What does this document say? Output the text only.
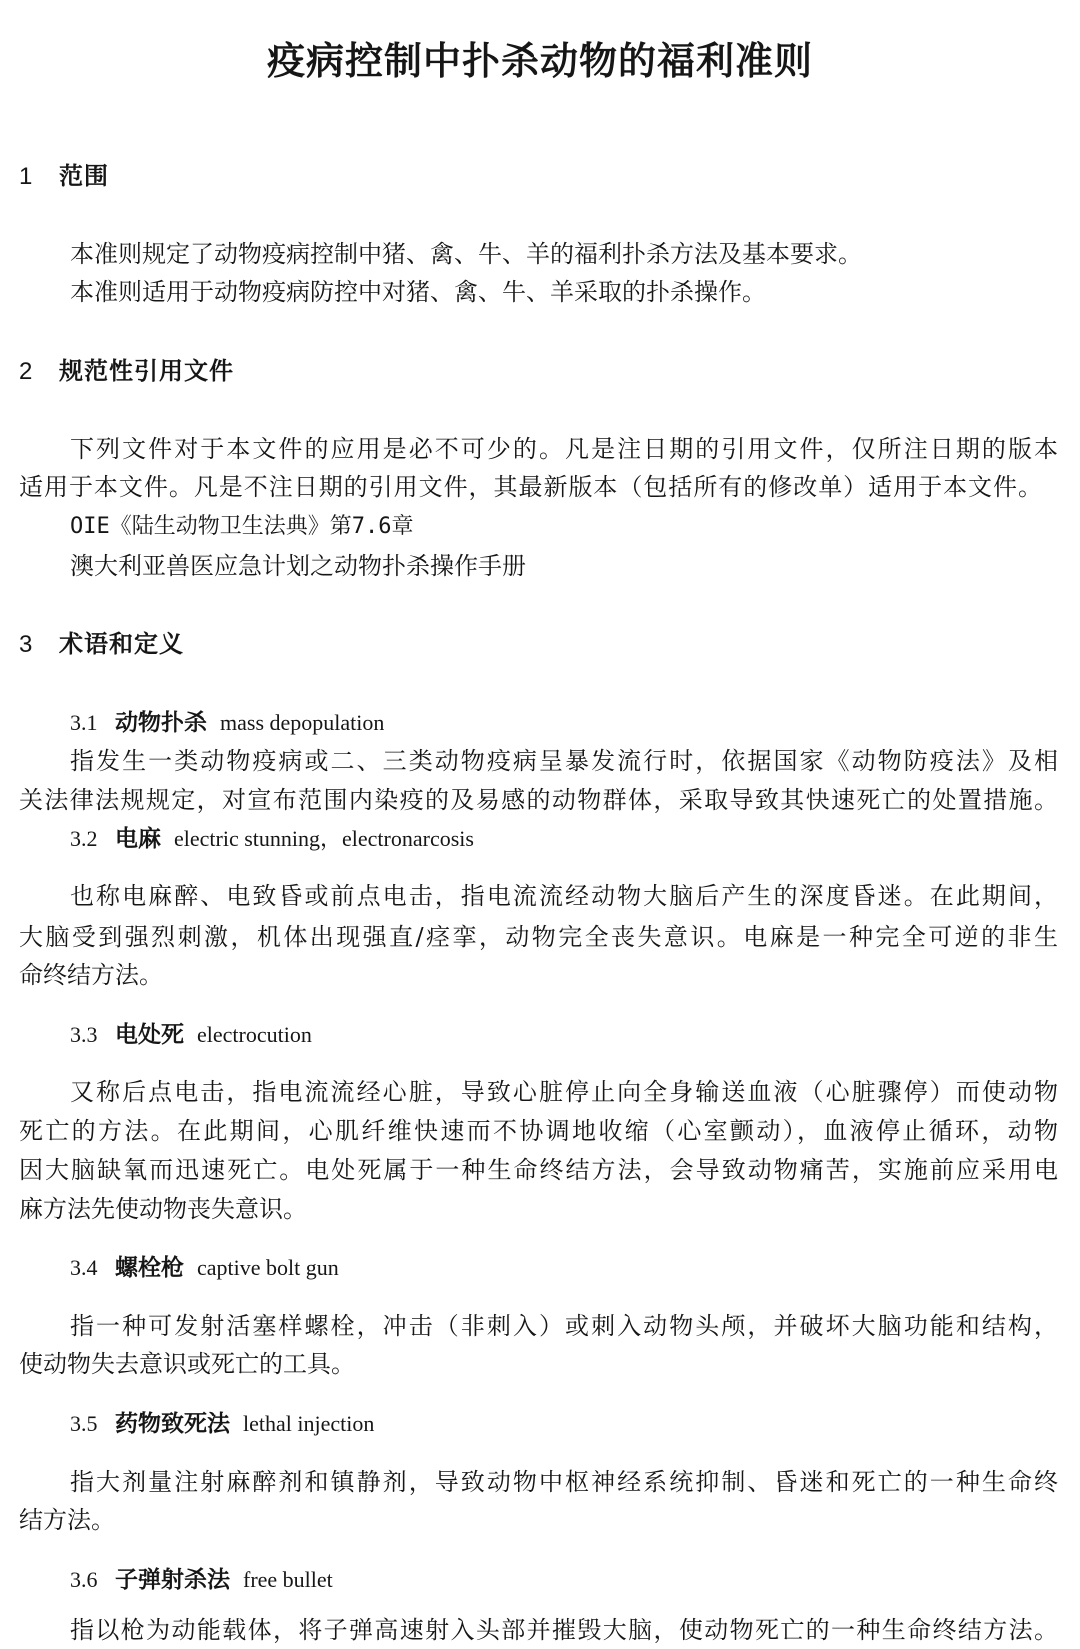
疫病控制中扑杀动物的福利准则
1 范围
本准则规定了动物疫病控制中猪、禽、牛、羊的福利扑杀方法及基本要求。
本准则适用于动物疫病防控中对猪、禽、牛、羊采取的扑杀操作。
2 规范性引用文件
下列文件对于本文件的应用是必不可少的。凡是注日期的引用文件，仅所注日期的版本
适用于本文件。凡是不注日期的引用文件，其最新版本（包括所有的修改单）适用于本文件。
OIE《陆生动物卫生法典》第7.6章
澳大利亚兽医应急计划之动物扑杀操作手册
3 术语和定义
3.1 动物扑杀 mass depopulation
指发生一类动物疫病或二、三类动物疫病呈暴发流行时，依据国家《动物防疫法》及相
关法律法规规定，对宣布范围内染疫的及易感的动物群体，采取导致其快速死亡的处置措施。
3.2 电麻 electric stunning，electronarcosis
也称电麻醉、电致昏或前点电击，指电流流经动物大脑后产生的深度昏迷。在此期间，
大脑受到强烈刺激，机体出现强直/痉挛，动物完全丧失意识。电麻是一种完全可逆的非生
命终结方法。
3.3 电处死 electrocution
又称后点电击，指电流流经心脏，导致心脏停止向全身输送血液（心脏骤停）而使动物
死亡的方法。在此期间，心肌纤维快速而不协调地收缩（心室颤动），血液停止循环，动物
因大脑缺氧而迅速死亡。电处死属于一种生命终结方法，会导致动物痛苦，实施前应采用电
麻方法先使动物丧失意识。
3.4 螺栓枪 captive bolt gun
指一种可发射活塞样螺栓，冲击（非刺入）或刺入动物头颅，并破坏大脑功能和结构，
使动物失去意识或死亡的工具。
3.5 药物致死法 lethal injection
指大剂量注射麻醉剂和镇静剂，导致动物中枢神经系统抑制、昏迷和死亡的一种生命终
结方法。
3.6 子弹射杀法 free bullet
指以枪为动能载体，将子弹高速射入头部并摧毁大脑，使动物死亡的一种生命终结方法。
